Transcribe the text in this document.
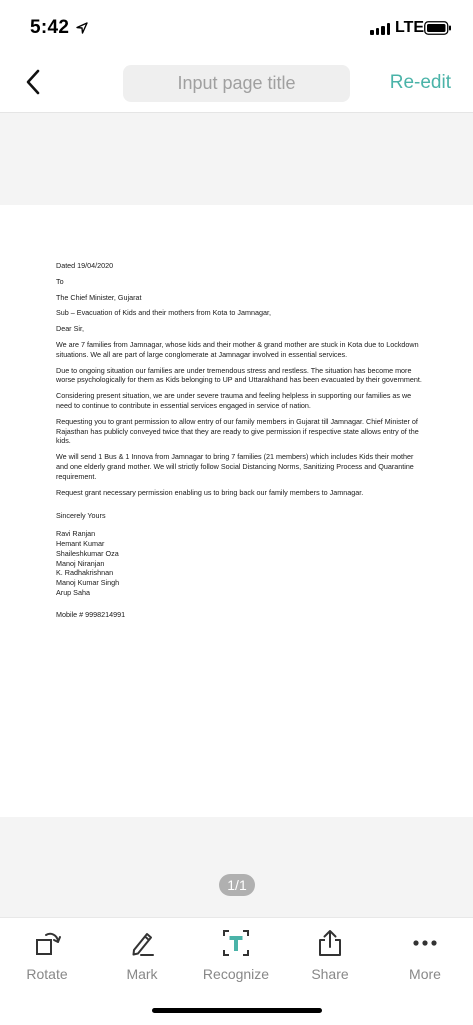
5:42	LTE
Input page title
Re-edit

Dated 19/04/2020

To

The Chief Minister, Gujarat

Sub – Evacuation of Kids and their mothers from Kota to Jamnagar,

Dear Sir,

We are 7 families from Jamnagar, whose kids and their mother & grand mother are stuck in Kota due to Lockdown situations. We all are part of large conglomerate at Jamnagar involved in essential services.

Due to ongoing situation our families are under tremendous stress and restless. The situation has become more worse psychologically for them as Kids belonging to UP and Uttarakhand has been evacuated by their government.

Considering present situation, we are under severe trauma and feeling helpless in supporting our families as we need to continue to contribute in essential services engaged in service of nation.

Requesting you to grant permission to allow entry of our family members in Gujarat till Jamnagar. Chief Minister of Rajasthan has publicly conveyed twice that they are ready to give permission if respective state allows entry of the kids.

We will send 1 Bus & 1 Innova from Jamnagar to bring 7 families (21 members) which includes Kids their mother and one elderly grand mother. We will strictly follow Social Distancing Norms, Sanitizing Process and Quarantine requirement.

Request grant necessary permission enabling us to bring back our family members to Jamnagar.

Sincerely Yours

Ravi Ranjan

Hemant Kumar

Shaileshkumar Oza

Manoj Niranjan

K. Radhakrishnan

Manoj Kumar Singh

Arup Saha

Mobile # 9998214991

1/1
Rotate	Mark	Recognize	Share	More
